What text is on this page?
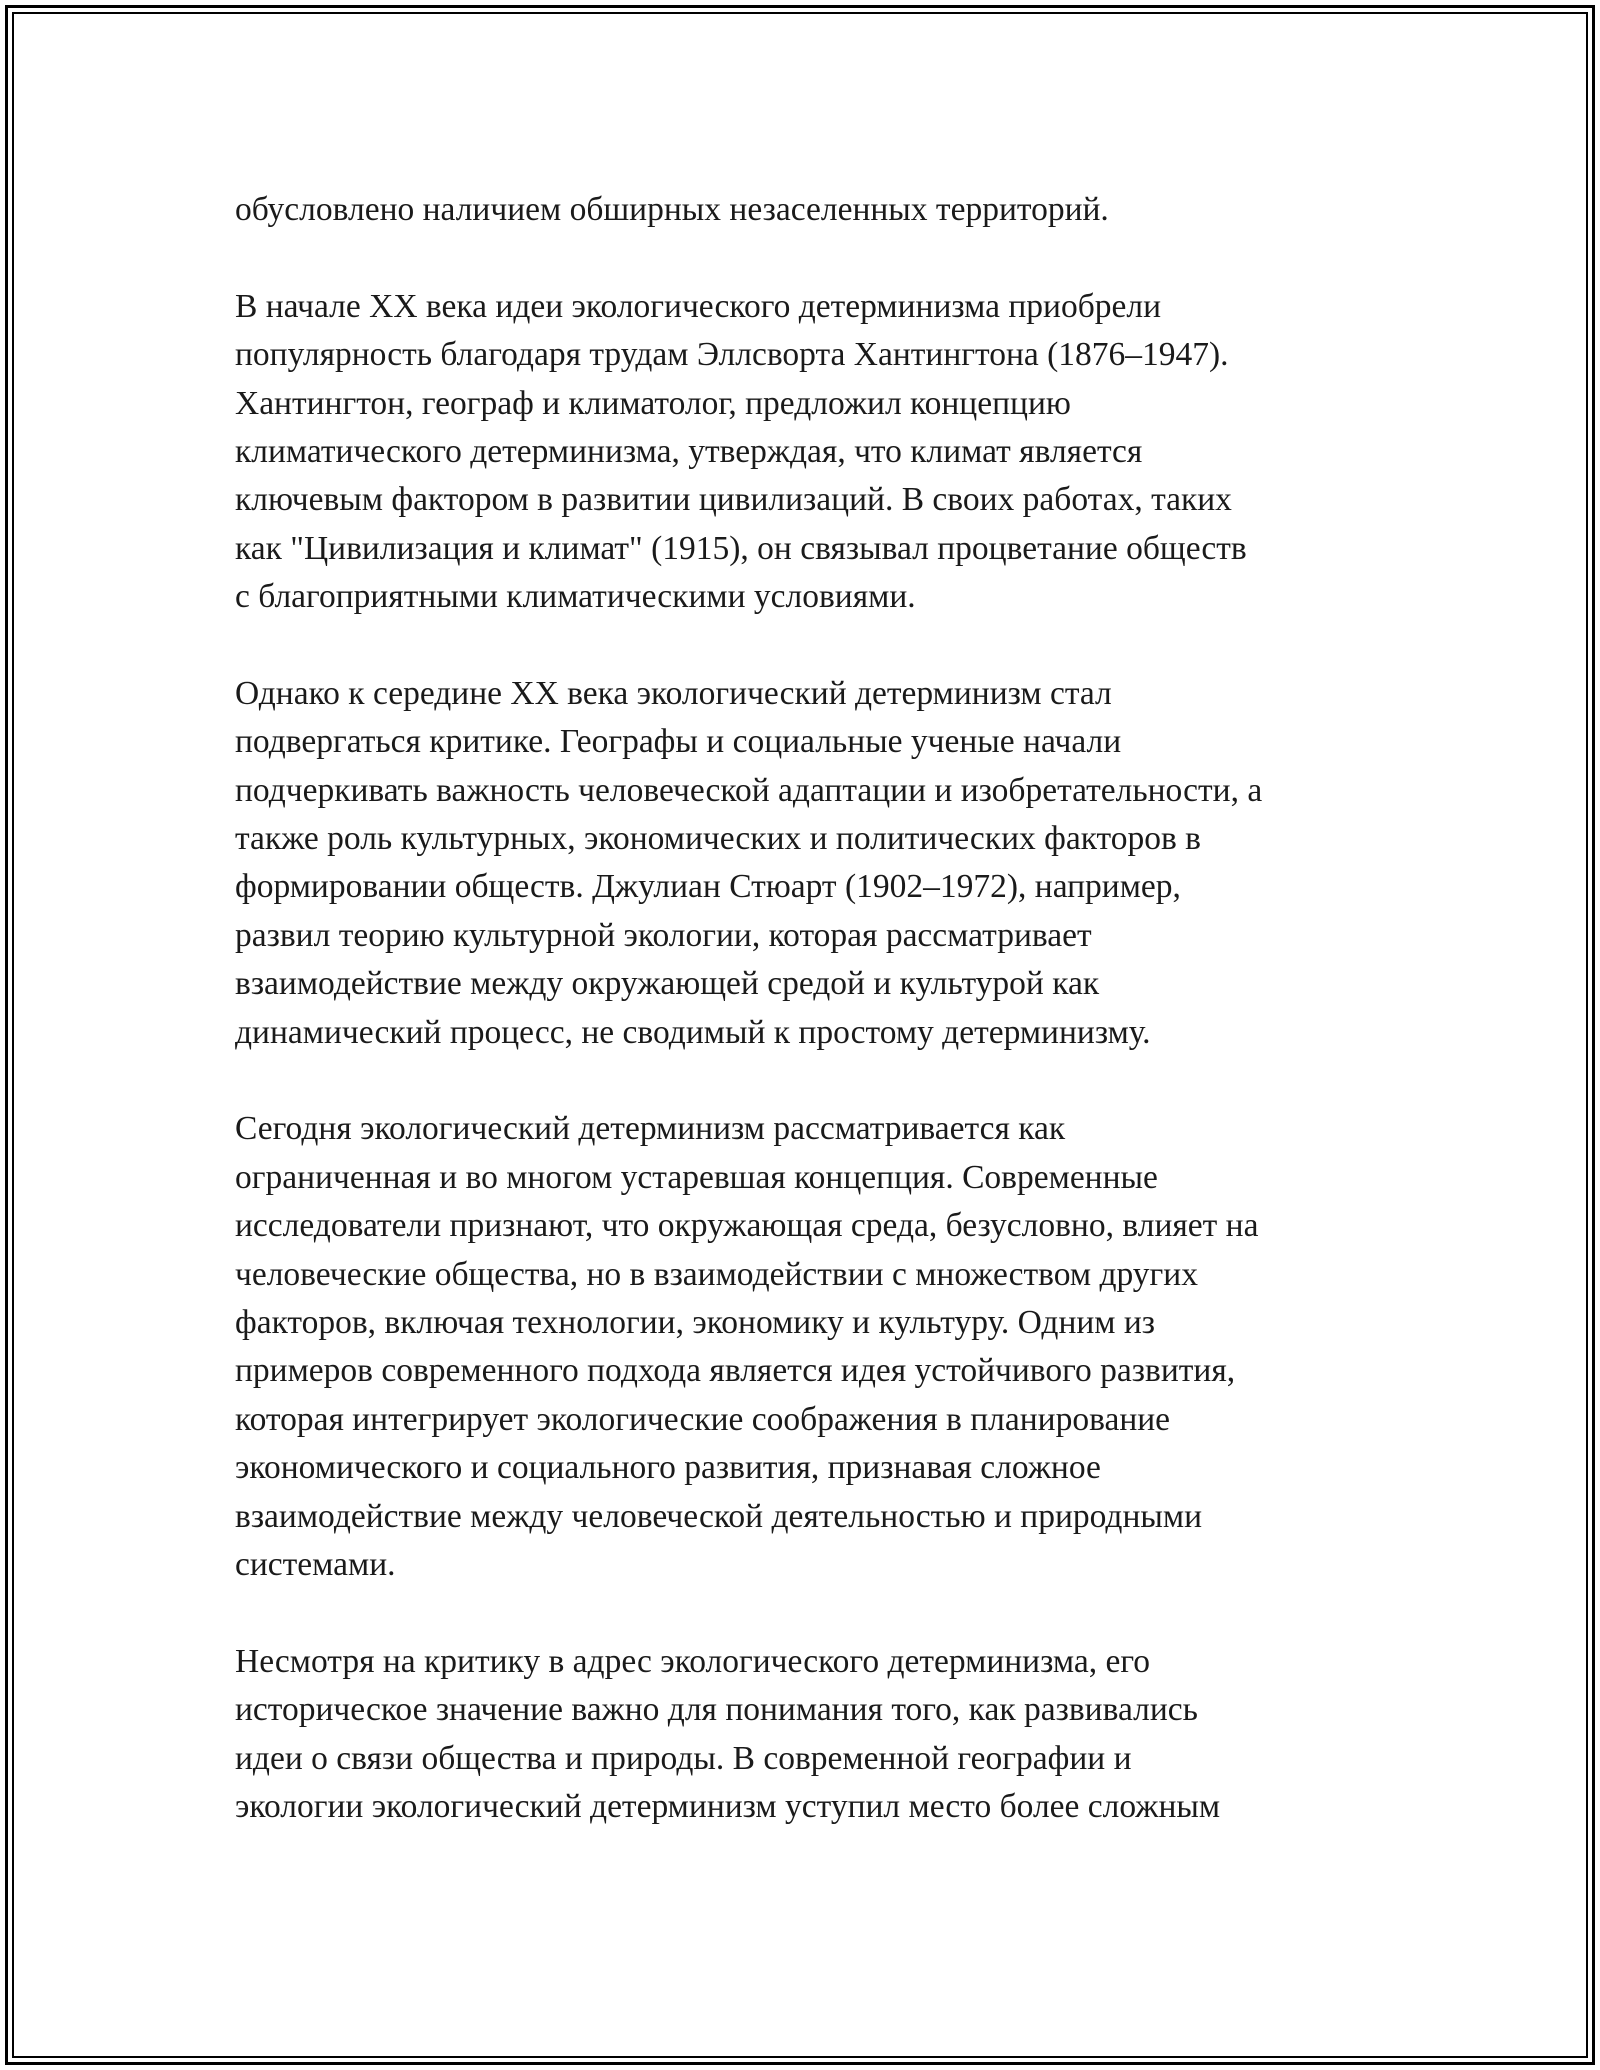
обусловлено наличием обширных незаселенных территорий.
В начале XX века идеи экологического детерминизма приобрели
популярность благодаря трудам Эллсворта Хантингтона (1876–1947).
Хантингтон, географ и климатолог, предложил концепцию
климатического детерминизма, утверждая, что климат является
ключевым фактором в развитии цивилизаций. В своих работах, таких
как "Цивилизация и климат" (1915), он связывал процветание обществ
с благоприятными климатическими условиями.
Однако к середине XX века экологический детерминизм стал
подвергаться критике. Географы и социальные ученые начали
подчеркивать важность человеческой адаптации и изобретательности, а
также роль культурных, экономических и политических факторов в
формировании обществ. Джулиан Стюарт (1902–1972), например,
развил теорию культурной экологии, которая рассматривает
взаимодействие между окружающей средой и культурой как
динамический процесс, не сводимый к простому детерминизму.
Сегодня экологический детерминизм рассматривается как
ограниченная и во многом устаревшая концепция. Современные
исследователи признают, что окружающая среда, безусловно, влияет на
человеческие общества, но в взаимодействии с множеством других
факторов, включая технологии, экономику и культуру. Одним из
примеров современного подхода является идея устойчивого развития,
которая интегрирует экологические соображения в планирование
экономического и социального развития, признавая сложное
взаимодействие между человеческой деятельностью и природными
системами.
Несмотря на критику в адрес экологического детерминизма, его
историческое значение важно для понимания того, как развивались
идеи о связи общества и природы. В современной географии и
экологии экологический детерминизм уступил место более сложным
